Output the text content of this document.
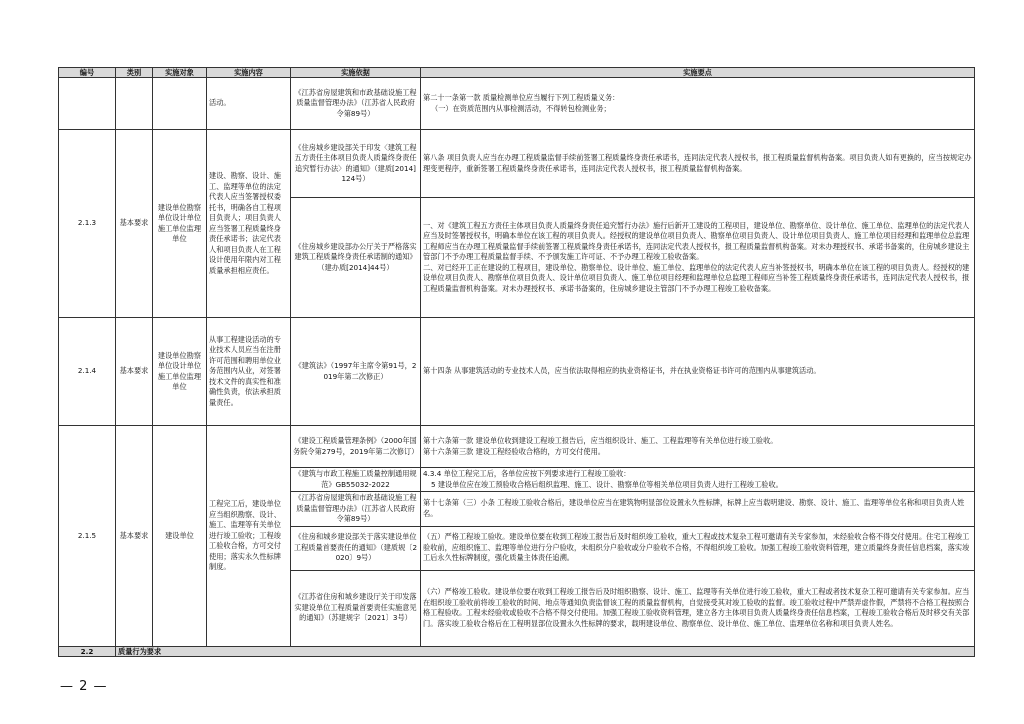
编号	类别	实施对象	实施内容	实施依据	实施要点
			活动。	《江苏省房屋建筑和市政基础设施工程质量监督管理办法》（江苏省人民政府令第89号）	第二十一条第一款 质量检测单位应当履行下列工程质量义务：
（一）在资质范围内从事检测活动，不得转包检测业务；

2.1.3	基本要求	建设单位勘察单位设计单位施工单位监理单位	建设、勘察、设计、施工、监理等单位的法定代表人应当签署授权委托书，明确各自工程项目负责人；项目负责人应当签署工程质量终身责任承诺书；法定代表人和项目负责人在工程设计使用年限内对工程质量承担相应责任。	《住房城乡建设部关于印发〈建筑工程五方责任主体项目负责人质量终身责任追究暂行办法〉的通知》（建质[2014]124号）	第八条 项目负责人应当在办理工程质量监督手续前签署工程质量终身责任承诺书，连同法定代表人授权书，报工程质量监督机构备案。项目负责人如有更换的，应当按规定办理变更程序，重新签署工程质量终身责任承诺书，连同法定代表人授权书，报工程质量监督机构备案。
				《住房城乡建设部办公厅关于严格落实建筑工程质量终身责任承诺制的通知》（建办质[2014]44号）	一、对《建筑工程五方责任主体项目负责人质量终身责任追究暂行办法》施行后新开工建设的工程项目，建设单位、勘察单位、设计单位、施工单位、监理单位的法定代表人应当及时签署授权书，明确本单位在该工程的项目负责人。经授权的建设单位项目负责人、勘察单位项目负责人、设计单位项目负责人、施工单位项目经理和监理单位总监理工程师应当在办理工程质量监督手续前签署工程质量终身责任承诺书，连同法定代表人授权书，报工程质量监督机构备案。对未办理授权书、承诺书备案的，住房城乡建设主管部门不予办理工程质量监督手续、不予颁发施工许可证、不予办理工程竣工验收备案。
二、对已经开工正在建设的工程项目，建设单位、勘察单位、设计单位、施工单位、监理单位的法定代表人应当补签授权书，明确本单位在该工程的项目负责人。经授权的建设单位项目负责人、勘察单位项目负责人、设计单位项目负责人、施工单位项目经理和监理单位总监理工程师应当补签工程质量终身责任承诺书，连同法定代表人授权书，报工程质量监督机构备案。对未办理授权书、承诺书备案的，住房城乡建设主管部门不予办理工程竣工验收备案。

2.1.4	基本要求	建设单位勘察单位设计单位施工单位监理单位	从事工程建设活动的专业技术人员应当在注册许可范围和聘用单位业务范围内从业，对签署技术文件的真实性和准确性负责，依法承担质量责任。	《建筑法》（1997年主席令第91号，2019年第二次修正）	第十四条 从事建筑活动的专业技术人员，应当依法取得相应的执业资格证书，并在执业资格证书许可的范围内从事建筑活动。
2.1.5	基本要求	建设单位	工程完工后，建设单位应当组织勘察、设计、施工、监理等有关单位进行竣工验收；工程竣工验收合格，方可交付使用；落实永久性标牌制度。	《建设工程质量管理条例》（2000年国务院令第279号，2019年第二次修订）	第十六条第一款 建设单位收到建设工程竣工报告后，应当组织设计、施工、工程监理等有关单位进行竣工验收。
第十六条第三款 建设工程经验收合格的，方可交付使用。

				《建筑与市政工程施工质量控制通用规范》GB55032-2022	4.3.4 单位工程完工后，各单位应按下列要求进行工程竣工验收：
5 建设单位应在竣工预验收合格后组织监理、施工、设计、勘察单位等相关单位项目负责人进行工程竣工验收。

				《江苏省房屋建筑和市政基础设施工程质量监督管理办法》（江苏省人民政府令第89号）	第十七条第（三）小条 工程竣工验收合格后，建设单位应当在建筑物明显部位设置永久性标牌，标牌上应当载明建设、勘察、设计、施工、监理等单位名称和项目负责人姓名。
				《住房和城乡建设部关于落实建设单位工程质量首要责任的通知》（建质规〔2020〕9号）	（五）严格工程竣工验收。建设单位要在收到工程竣工报告后及时组织竣工验收，重大工程或技术复杂工程可邀请有关专家参加，未经验收合格不得交付使用。住宅工程竣工验收前，应组织施工、监理等单位进行分户验收，未组织分户验收或分户验收不合格，不得组织竣工验收。加强工程竣工验收资料管理，建立质量终身责任信息档案，落实竣工后永久性标牌制度，强化质量主体责任追溯。
				《江苏省住房和城乡建设厅关于印发落实建设单位工程质量首要责任实施意见的通知》（苏建规字〔2021〕3号）	（六）严格竣工验收。建设单位要在收到工程竣工报告后及时组织勘察、设计、施工、监理等有关单位进行竣工验收，重大工程或者技术复杂工程可邀请有关专家参加。应当在组织竣工验收前将竣工验收的时间、地点等通知负责监督该工程的质量监督机构，自觉接受其对竣工验收的监督。竣工验收过程中严禁弄虚作假，严禁将不合格工程按照合格工程验收。工程未经验收或验收不合格不得交付使用。加强工程竣工验收资料管理，建立各方主体项目负责人质量终身责任信息档案，工程竣工验收合格后及时移交有关部门。落实竣工验收合格后在工程明显部位设置永久性标牌的要求，载明建设单位、勘察单位、设计单位、施工单位、监理单位名称和项目负责人姓名。
2.2	质量行为要求				
— 2 —
